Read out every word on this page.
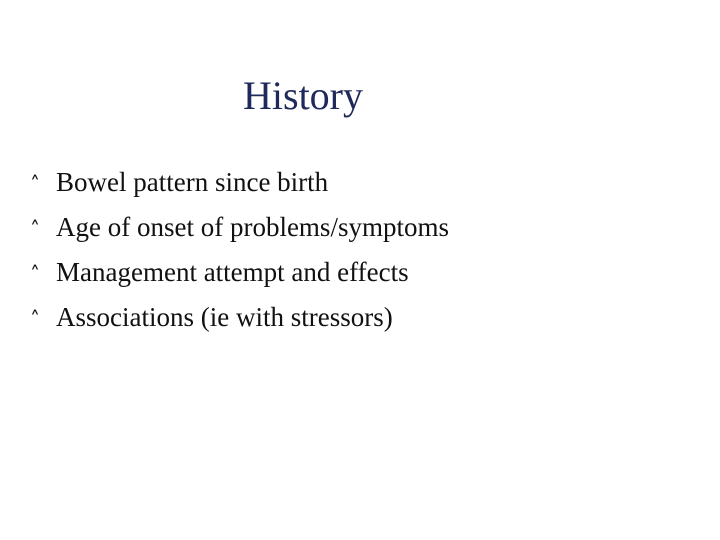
History
˄ Bowel pattern since birth
˄ Age of onset of problems/symptoms
˄ Management attempt and effects
˄ Associations (ie with stressors)
